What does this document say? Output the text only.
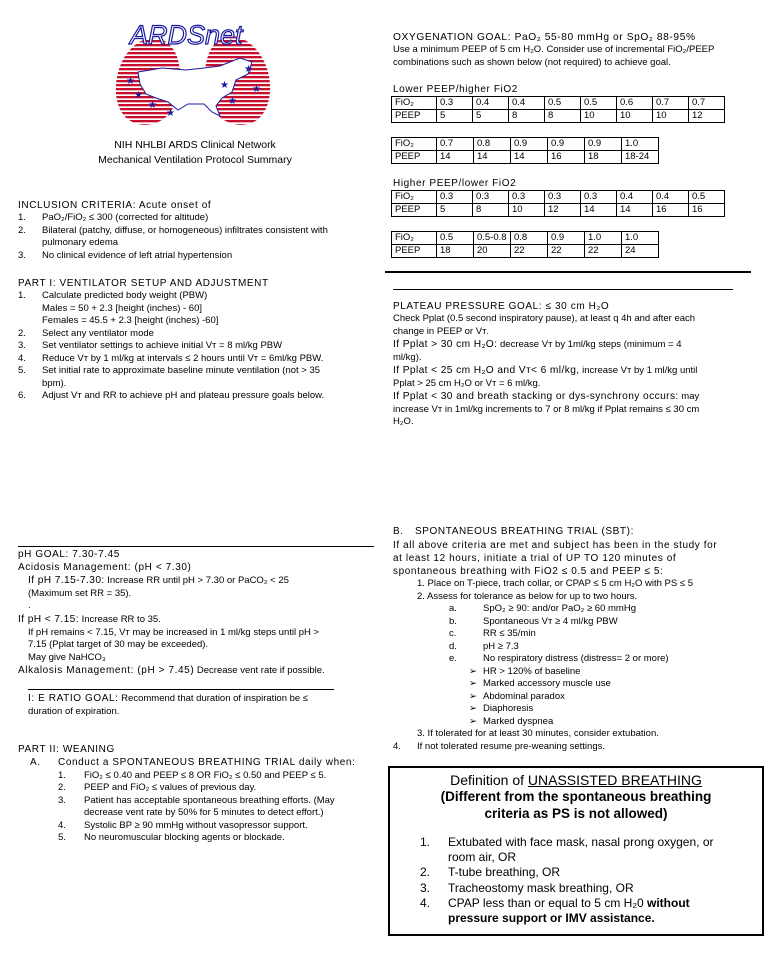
★
★
★
★	★
★
★
★
ARDSnet
NIH NHLBI ARDS Clinical Network
Mechanical Ventilation Protocol Summary
INCLUSION CRITERIA: Acute onset of
1.	PaO₂/FiO₂ ≤ 300 (corrected for altitude)
2.	Bilateral (patchy, diffuse, or homogeneous) infiltrates consistent with
pulmonary edema
3.	No clinical evidence of left atrial hypertension
PART I: VENTILATOR SETUP AND ADJUSTMENT
1.	Calculate predicted body weight (PBW)
Males = 50 + 2.3 [height (inches) - 60]
Females = 45.5 + 2.3 [height (inches) -60]
2.	Select any ventilator mode
3.	Set ventilator settings to achieve initial Vᴛ = 8 ml/kg PBW
4.	Reduce Vᴛ by 1 ml/kg at intervals ≤ 2 hours until Vᴛ = 6ml/kg PBW.
5.	Set initial rate to approximate baseline minute ventilation (not > 35
bpm).
6.	Adjust Vᴛ and RR to achieve pH and plateau pressure goals below.
OXYGENATION GOAL: PaO₂ 55-80 mmHg or SpO₂ 88-95%
Use a minimum PEEP of 5 cm H₂O. Consider use of incremental FiO₂/PEEP
combinations such as shown below (not required) to achieve goal.
Lower PEEP/higher FiO2
FiO₂	0.3	0.4	0.4	0.5	0.5	0.6	0.7	0.7
PEEP	5	5	8	8	10	10	10	12
FiO₂	0.7	0.8	0.9	0.9	0.9	1.0
PEEP	14	14	14	16	18	18-24
Higher PEEP/lower FiO2
FiO₂	0.3	0.3	0.3	0.3	0.3	0.4	0.4	0.5
PEEP	5	8	10	12	14	14	16	16
FiO₂	0.5	0.5-0.8	0.8	0.9	1.0	1.0
PEEP	18	20	22	22	22	24
PLATEAU PRESSURE GOAL: ≤ 30 cm H₂O
Check Pplat (0.5 second inspiratory pause), at least q 4h and after each
change in PEEP or Vᴛ.
If Pplat > 30 cm H₂O: decrease Vᴛ by 1ml/kg steps (minimum = 4
ml/kg).
If Pplat < 25 cm H₂O and Vᴛ< 6 ml/kg, increase Vᴛ by 1 ml/kg until
Pplat > 25 cm H₂O or Vᴛ = 6 ml/kg.
If Pplat < 30 and breath stacking or dys-synchrony occurs: may
increase Vᴛ in 1ml/kg increments to 7 or 8 ml/kg if Pplat remains ≤ 30 cm
H₂O.
pH GOAL: 7.30-7.45
Acidosis Management: (pH < 7.30)
If pH 7.15-7.30: Increase RR until pH > 7.30 or PaCO₂ < 25
(Maximum set RR = 35).
.
If pH < 7.15: Increase RR to 35.
If pH remains < 7.15, Vᴛ may be increased in 1 ml/kg steps until pH >
7.15 (Pplat target of 30 may be exceeded).
May give NaHCO₃
Alkalosis Management: (pH > 7.45) Decrease vent rate if possible.
I: E RATIO GOAL: Recommend that duration of inspiration be ≤
duration of expiration.
PART II: WEANING
A. Conduct a SPONTANEOUS BREATHING TRIAL daily when:
1.	FiO₂ ≤ 0.40 and PEEP ≤ 8 OR FiO₂ ≤ 0.50 and PEEP ≤ 5.
2.	PEEP and FiO₂ ≤ values of previous day.
3.	Patient has acceptable spontaneous breathing efforts. (May
decrease vent rate by 50% for 5 minutes to detect effort.)
4.	Systolic BP ≥ 90 mmHg without vasopressor support.
5.	No neuromuscular blocking agents or blockade.
B. SPONTANEOUS BREATHING TRIAL (SBT):
If all above criteria are met and subject has been in the study for
at least 12 hours, initiate a trial of UP TO 120 minutes of
spontaneous breathing with FiO2 ≤ 0.5 and PEEP ≤ 5:
1. Place on T-piece, trach collar, or CPAP ≤ 5 cm H₂O with PS ≤ 5
2. Assess for tolerance as below for up to two hours.
a.	SpO₂ ≥ 90: and/or PaO₂ ≥ 60 mmHg
b.	Spontaneous Vᴛ ≥ 4 ml/kg PBW
c.	RR ≤ 35/min
d.	pH ≥ 7.3
e.	No respiratory distress (distress= 2 or more)
➢ HR > 120% of baseline
➢ Marked accessory muscle use
➢ Abdominal paradox
➢ Diaphoresis
➢ Marked dyspnea
3. If tolerated for at least 30 minutes, consider extubation.
4. If not tolerated resume pre-weaning settings.
Definition of UNASSISTED BREATHING
(Different from the spontaneous breathing
criteria as PS is not allowed)
1.	Extubated with face mask, nasal prong oxygen, or
room air, OR
2.	T-tube breathing, OR
3.	Tracheostomy mask breathing, OR
4.	CPAP less than or equal to 5 cm H₂0 without
pressure support or IMV assistance.
